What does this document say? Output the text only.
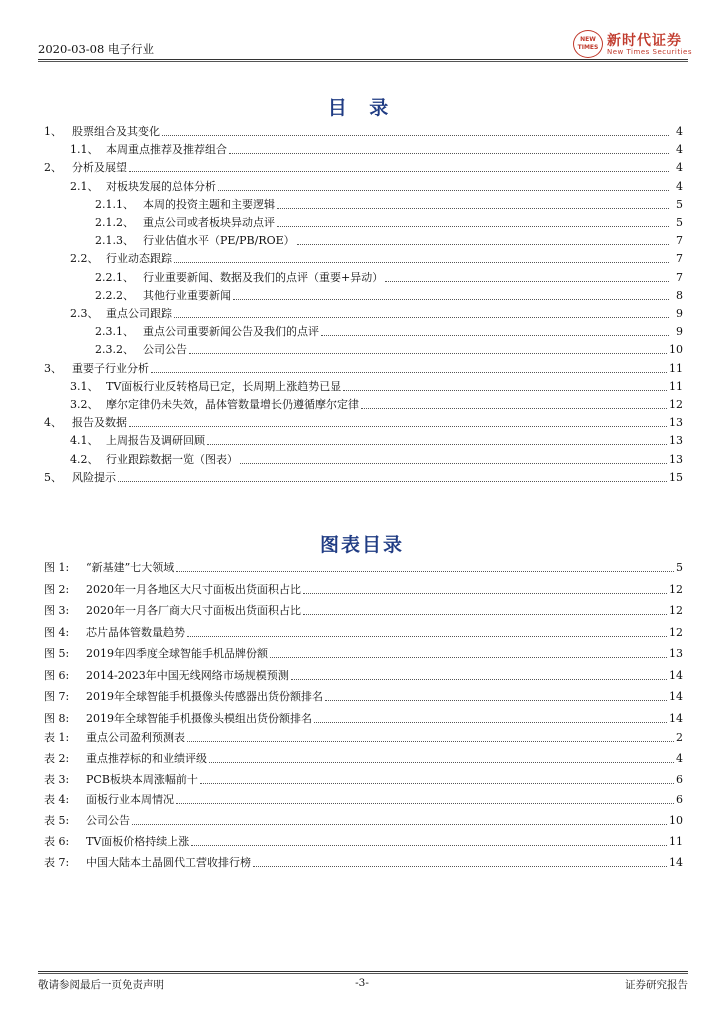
2020-03-08 电子行业
NEW TIMES 新时代证券
New Times Securities
目 录
1、 股票组合及其变化	4
1.1、 本周重点推荐及推荐组合	4
2、 分析及展望	4
2.1、 对板块发展的总体分析	4
2.1.1、 本周的投资主题和主要逻辑	5
2.1.2、 重点公司或者板块异动点评	5
2.1.3、 行业估值水平（PE/PB/ROE）	7
2.2、 行业动态跟踪	7
2.2.1、 行业重要新闻、数据及我们的点评（重要+异动）	7
2.2.2、 其他行业重要新闻	8
2.3、 重点公司跟踪	9
2.3.1、 重点公司重要新闻公告及我们的点评	9
2.3.2、 公司公告	10
3、 重要子行业分析	11
3.1、 TV面板行业反转格局已定，长周期上涨趋势已显	11
3.2、 摩尔定律仍未失效，晶体管数量增长仍遵循摩尔定律	12
4、 报告及数据	13
4.1、 上周报告及调研回顾	13
4.2、 行业跟踪数据一览（图表）	13
5、 风险提示	15
图表目录
图 1:	“新基建”七大领域	5
图 2:	2020年一月各地区大尺寸面板出货面积占比	12
图 3:	2020年一月各厂商大尺寸面板出货面积占比	12
图 4:	芯片晶体管数量趋势	12
图 5:	2019年四季度全球智能手机品牌份额	13
图 6:	2014-2023年中国无线网络市场规模预测	14
图 7:	2019年全球智能手机摄像头传感器出货份额排名	14
图 8:	2019年全球智能手机摄像头模组出货份额排名	14
表 1:	重点公司盈利预测表	2
表 2:	重点推荐标的和业绩评级	4
表 3:	PCB板块本周涨幅前十	6
表 4:	面板行业本周情况	6
表 5:	公司公告	10
表 6:	TV面板价格持续上涨	11
表 7:	中国大陆本土晶圆代工营收排行榜	14
敬请参阅最后一页免责声明	-3-	证券研究报告
